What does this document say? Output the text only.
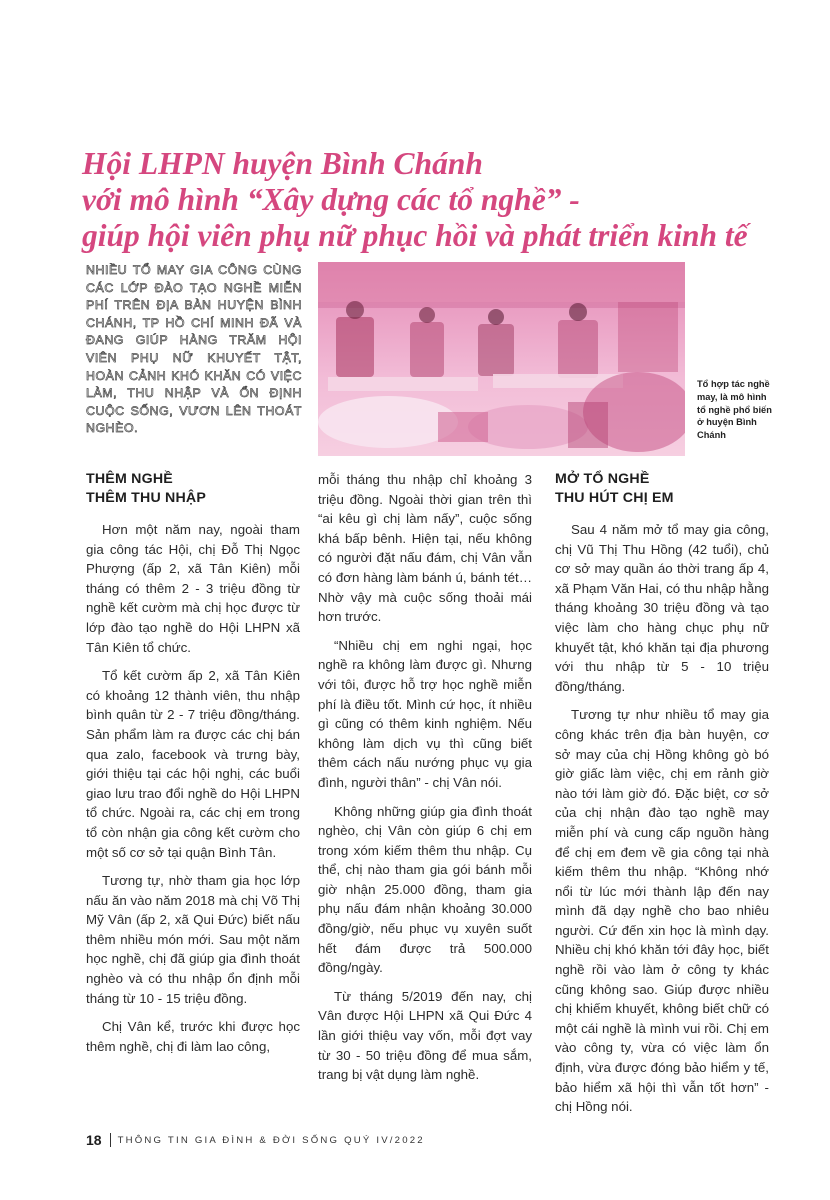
Hội LHPN huyện Bình Chánh
với mô hình “Xây dựng các tổ nghề” -
giúp hội viên phụ nữ phục hồi và phát triển kinh tế

NHIỀU TỔ MAY GIA CÔNG CÙNG CÁC LỚP ĐÀO TẠO NGHỀ MIỄN PHÍ TRÊN ĐỊA BÀN HUYỆN BÌNH CHÁNH, TP HỒ CHÍ MINH ĐÃ VÀ ĐANG GIÚP HÀNG TRĂM HỘI VIÊN PHỤ NỮ KHUYẾT TẬT, HOÀN CẢNH KHÓ KHĂN CÓ VIỆC LÀM, THU NHẬP VÀ ỔN ĐỊNH CUỘC SỐNG, VƯƠN LÊN THOÁT NGHÈO.

Tổ hợp tác nghề may, là mô hình tổ nghề phổ biến ở huyện Bình Chánh

THÊM NGHỀ
THÊM THU NHẬP

Hơn một năm nay, ngoài tham gia công tác Hội, chị Đỗ Thị Ngọc Phượng (ấp 2, xã Tân Kiên) mỗi tháng có thêm 2 - 3 triệu đồng từ nghề kết cườm mà chị học được từ lớp đào tạo nghề do Hội LHPN xã Tân Kiên tổ chức.

Tổ kết cườm ấp 2, xã Tân Kiên có khoảng 12 thành viên, thu nhập bình quân từ 2 - 7 triệu đồng/tháng. Sản phẩm làm ra được các chị bán qua zalo, facebook và trưng bày, giới thiệu tại các hội nghị, các buổi giao lưu trao đổi nghề do Hội LHPN tổ chức. Ngoài ra, các chị em trong tổ còn nhận gia công kết cườm cho một số cơ sở tại quận Bình Tân.

Tương tự, nhờ tham gia học lớp nấu ăn vào năm 2018 mà chị Võ Thị Mỹ Vân (ấp 2, xã Qui Đức) biết nấu thêm nhiều món mới. Sau một năm học nghề, chị đã giúp gia đình thoát nghèo và có thu nhập ổn định mỗi tháng từ 10 - 15 triệu đồng.

Chị Vân kể, trước khi được học thêm nghề, chị đi làm lao công,

mỗi tháng thu nhập chỉ khoảng 3 triệu đồng. Ngoài thời gian trên thì “ai kêu gì chị làm nấy”, cuộc sống khá bấp bênh. Hiện tại, nếu không có người đặt nấu đám, chị Vân vẫn có đơn hàng làm bánh ú, bánh tét… Nhờ vậy mà cuộc sống thoải mái hơn trước.

“Nhiều chị em nghi ngại, học nghề ra không làm được gì. Nhưng với tôi, được hỗ trợ học nghề miễn phí là điều tốt. Mình cứ học, ít nhiều gì cũng có thêm kinh nghiệm. Nếu không làm dịch vụ thì cũng biết thêm cách nấu nướng phục vụ gia đình, người thân” - chị Vân nói.

Không những giúp gia đình thoát nghèo, chị Vân còn giúp 6 chị em trong xóm kiếm thêm thu nhập. Cụ thể, chị nào tham gia gói bánh mỗi giờ nhận 25.000 đồng, tham gia phụ nấu đám nhận khoảng 30.000 đồng/giờ, nếu phục vụ xuyên suốt hết đám được trả 500.000 đồng/ngày.

Từ tháng 5/2019 đến nay, chị Vân được Hội LHPN xã Qui Đức 4 lần giới thiệu vay vốn, mỗi đợt vay từ 30 - 50 triệu đồng để mua sắm, trang bị vật dụng làm nghề.

MỞ TỔ NGHỀ
THU HÚT CHỊ EM

Sau 4 năm mở tổ may gia công, chị Vũ Thị Thu Hồng (42 tuổi), chủ cơ sở may quần áo thời trang ấp 4, xã Phạm Văn Hai, có thu nhập hằng tháng khoảng 30 triệu đồng và tạo việc làm cho hàng chục phụ nữ khuyết tật, khó khăn tại địa phương với thu nhập từ 5 - 10 triệu đồng/tháng.

Tương tự như nhiều tổ may gia công khác trên địa bàn huyện, cơ sở may của chị Hồng không gò bó giờ giấc làm việc, chị em rảnh giờ nào tới làm giờ đó. Đặc biệt, cơ sở của chị nhận đào tạo nghề may miễn phí và cung cấp nguồn hàng để chị em đem về gia công tại nhà kiếm thêm thu nhập. “Không nhớ nổi từ lúc mới thành lập đến nay mình đã dạy nghề cho bao nhiêu người. Cứ đến xin học là mình dạy. Nhiều chị khó khăn tới đây học, biết nghề rồi vào làm ở công ty khác cũng không sao. Giúp được nhiều chị khiếm khuyết, không biết chữ có một cái nghề là mình vui rồi. Chị em vào công ty, vừa có việc làm ổn định, vừa được đóng bảo hiểm y tế, bảo hiểm xã hội thì vẫn tốt hơn” - chị Hồng nói.

18 THÔNG TIN GIA ĐÌNH & ĐỜI SỐNG QUÝ IV/2022
